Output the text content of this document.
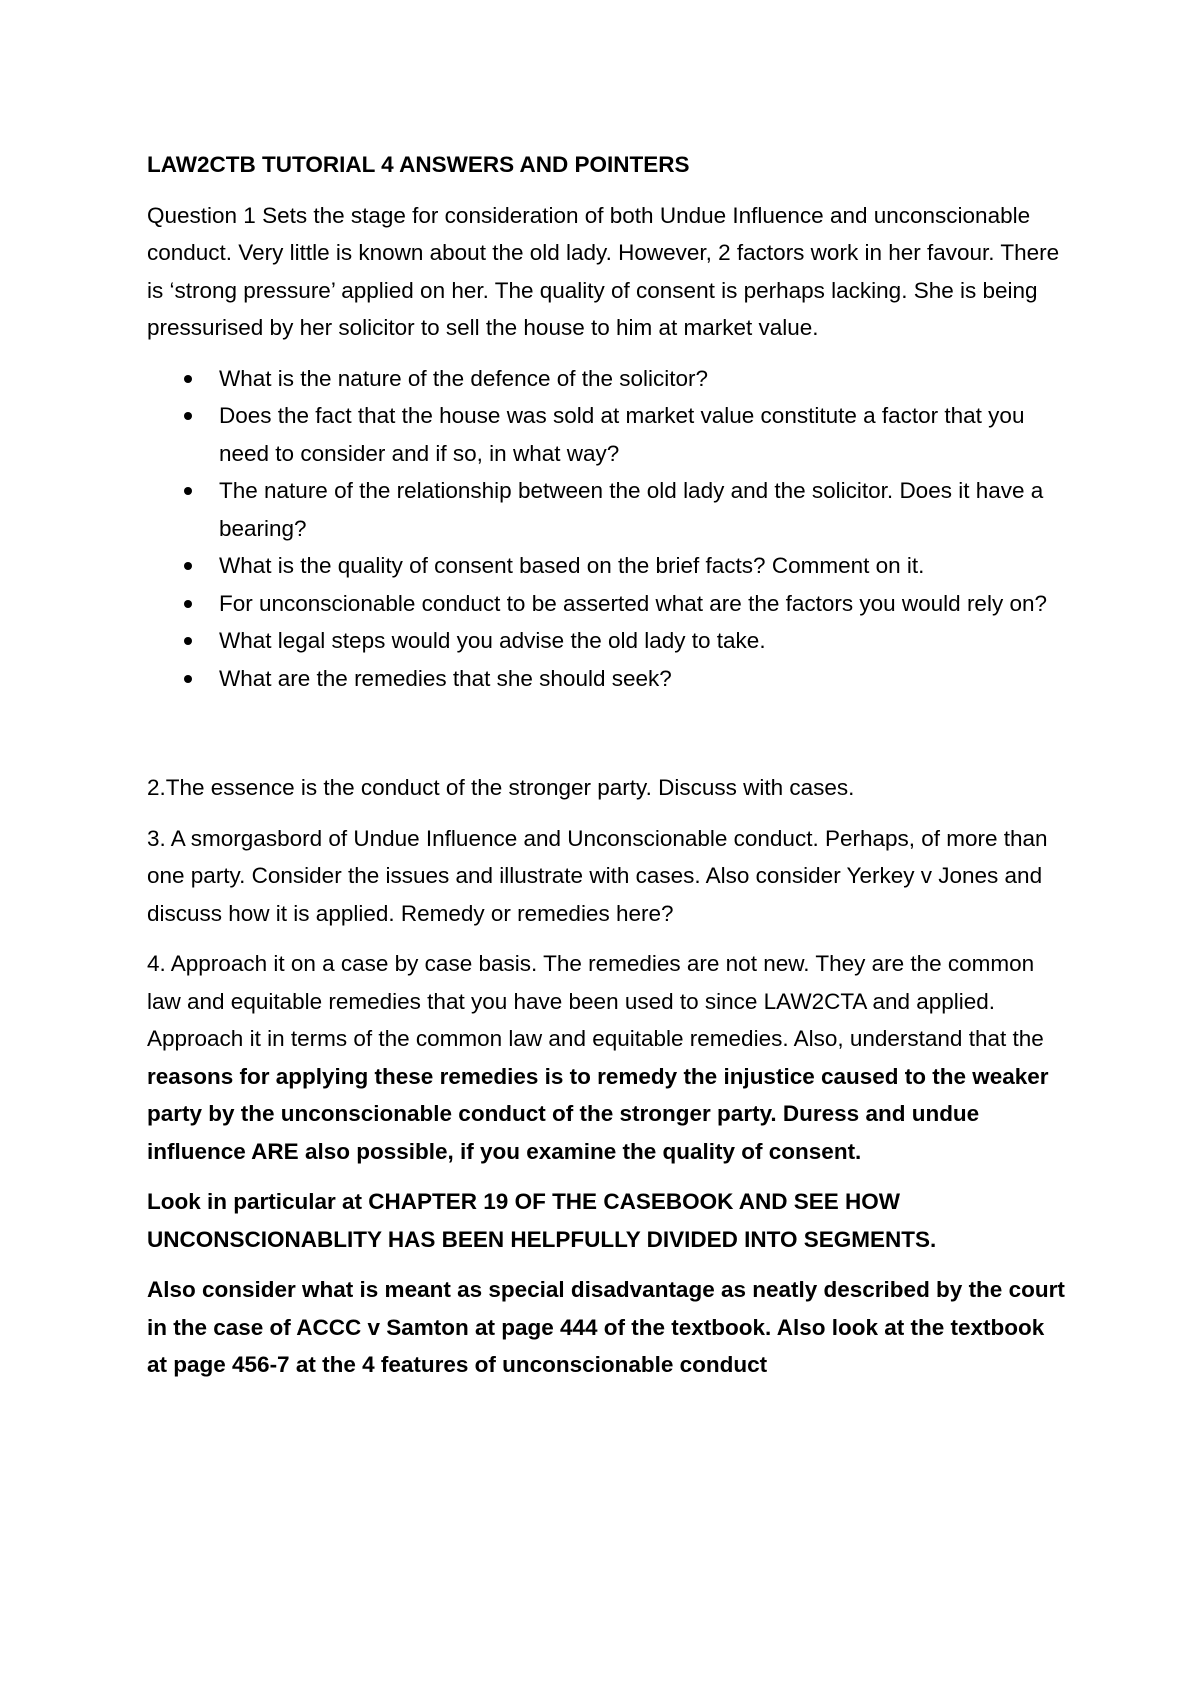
LAW2CTB TUTORIAL 4 ANSWERS AND POINTERS

Question 1 Sets the stage for consideration of both Undue Influence and unconscionable conduct. Very little is known about the old lady. However, 2 factors work in her favour. There is ‘strong pressure’ applied on her. The quality of consent is perhaps lacking. She is being pressurised by her solicitor to sell the house to him at market value.

What is the nature of the defence of the solicitor?
Does the fact that the house was sold at market value constitute a factor that you need to consider and if so, in what way?
The nature of the relationship between the old lady and the solicitor. Does it have a bearing?
What is the quality of consent based on the brief facts? Comment on it.
For unconscionable conduct to be asserted what are the factors you would rely on?
What legal steps would you advise the old lady to take.
What are the remedies that she should seek?

2.The essence is the conduct of the stronger party. Discuss with cases.

3. A smorgasbord of Undue Influence and Unconscionable conduct. Perhaps, of more than one party. Consider the issues and illustrate with cases. Also consider Yerkey v Jones and discuss how it is applied. Remedy or remedies here?

4. Approach it on a case by case basis. The remedies are not new. They are the common law and equitable remedies that you have been used to since LAW2CTA and applied. Approach it in terms of the common law and equitable remedies. Also, understand that the reasons for applying these remedies is to remedy the injustice caused to the weaker party by the unconscionable conduct of the stronger party. Duress and undue influence ARE also possible, if you examine the quality of consent.

Look in particular at CHAPTER 19 OF THE CASEBOOK AND SEE HOW UNCONSCIONABLITY HAS BEEN HELPFULLY DIVIDED INTO SEGMENTS.

Also consider what is meant as special disadvantage as neatly described by the court in the case of ACCC v Samton at page 444 of the textbook. Also look at the textbook at page 456-7 at the 4 features of unconscionable conduct
